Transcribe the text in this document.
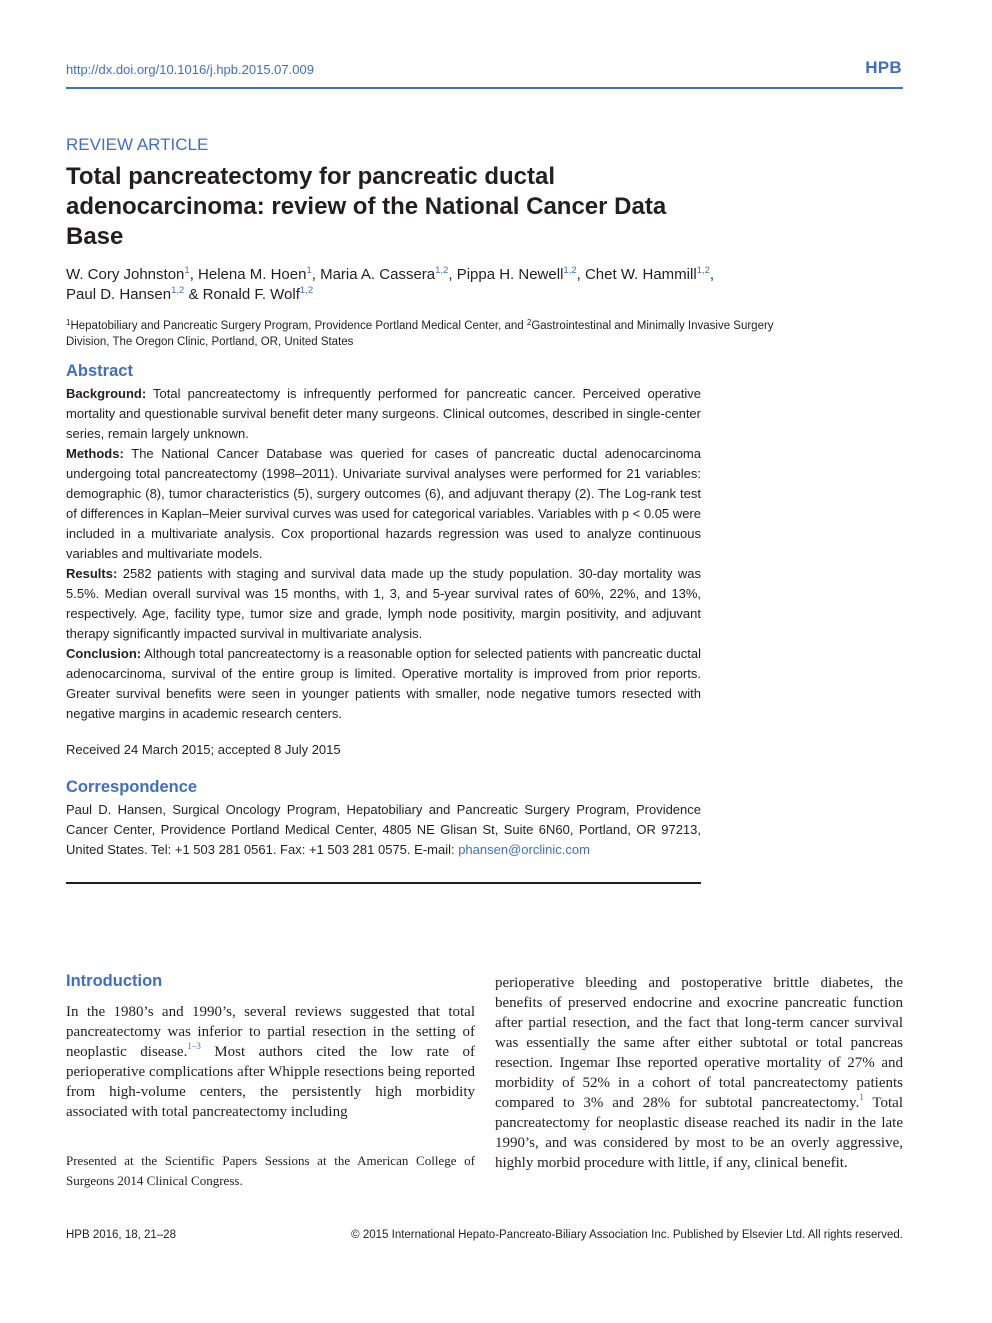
http://dx.doi.org/10.1016/j.hpb.2015.07.009	HPB
REVIEW ARTICLE
Total pancreatectomy for pancreatic ductal adenocarcinoma: review of the National Cancer Data Base
W. Cory Johnston$^1$, Helena M. Hoen$^1$, Maria A. Cassera$^{1,2}$, Pippa H. Newell$^{1,2}$, Chet W. Hammill$^{1,2}$,
Paul D. Hansen$^{1,2}$ & Ronald F. Wolf$^{1,2}$
$^1$Hepatobiliary and Pancreatic Surgery Program, Providence Portland Medical Center, and $^2$Gastrointestinal and Minimally Invasive Surgery Division, The Oregon Clinic, Portland, OR, United States
Abstract

Background: Total pancreatectomy is infrequently performed for pancreatic cancer. Perceived operative mortality and questionable survival benefit deter many surgeons. Clinical outcomes, described in single-center series, remain largely unknown.

Methods: The National Cancer Database was queried for cases of pancreatic ductal adenocarcinoma undergoing total pancreatectomy (1998–2011). Univariate survival analyses were performed for 21 variables: demographic (8), tumor characteristics (5), surgery outcomes (6), and adjuvant therapy (2). The Log-rank test of differences in Kaplan–Meier survival curves was used for categorical variables. Variables with p < 0.05 were included in a multivariate analysis. Cox proportional hazards regression was used to analyze continuous variables and multivariate models.

Results: 2582 patients with staging and survival data made up the study population. 30-day mortality was 5.5%. Median overall survival was 15 months, with 1, 3, and 5-year survival rates of 60%, 22%, and 13%, respectively. Age, facility type, tumor size and grade, lymph node positivity, margin positivity, and adjuvant therapy significantly impacted survival in multivariate analysis.

Conclusion: Although total pancreatectomy is a reasonable option for selected patients with pancreatic ductal adenocarcinoma, survival of the entire group is limited. Operative mortality is improved from prior reports. Greater survival benefits were seen in younger patients with smaller, node negative tumors resected with negative margins in academic research centers.

Received 24 March 2015; accepted 8 July 2015
Correspondence
Paul D. Hansen, Surgical Oncology Program, Hepatobiliary and Pancreatic Surgery Program, Providence Cancer Center, Providence Portland Medical Center, 4805 NE Glisan St, Suite 6N60, Portland, OR 97213, United States. Tel: +1 503 281 0561. Fax: +1 503 281 0575. E-mail: phansen@orclinic.com
Introduction

In the 1980’s and 1990’s, several reviews suggested that total pancreatectomy was inferior to partial resection in the setting of neoplastic disease.$^{1-3}$ Most authors cited the low rate of perioperative complications after Whipple resections being reported from high-volume centers, the persistently high morbidity associated with total pancreatectomy including

Presented at the Scientific Papers Sessions at the American College of Surgeons 2014 Clinical Congress.

perioperative bleeding and postoperative brittle diabetes, the benefits of preserved endocrine and exocrine pancreatic function after partial resection, and the fact that long-term cancer survival was essentially the same after either subtotal or total pancreas resection. Ingemar Ihse reported operative mortality of 27% and morbidity of 52% in a cohort of total pancreatectomy patients compared to 3% and 28% for subtotal pancreatectomy.$^1$ Total pancreatectomy for neoplastic disease reached its nadir in the late 1990’s, and was considered by most to be an overly aggressive, highly morbid procedure with little, if any, clinical benefit.

HPB 2016, 18, 21–28	© 2015 International Hepato-Pancreato-Biliary Association Inc. Published by Elsevier Ltd. All rights reserved.
